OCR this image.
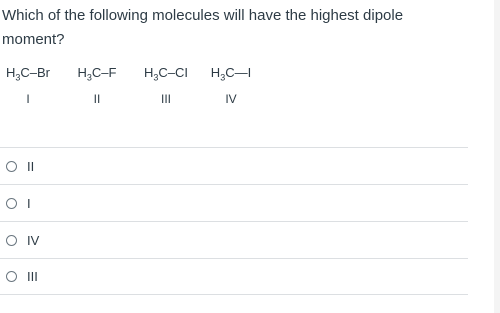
Which of the following molecules will have the highest dipole moment?
$H_3C-Br$
I
$H_3C-F$
II
$H_3C-CI$
III
$H_3C—I$
IV
II
I
IV
III
